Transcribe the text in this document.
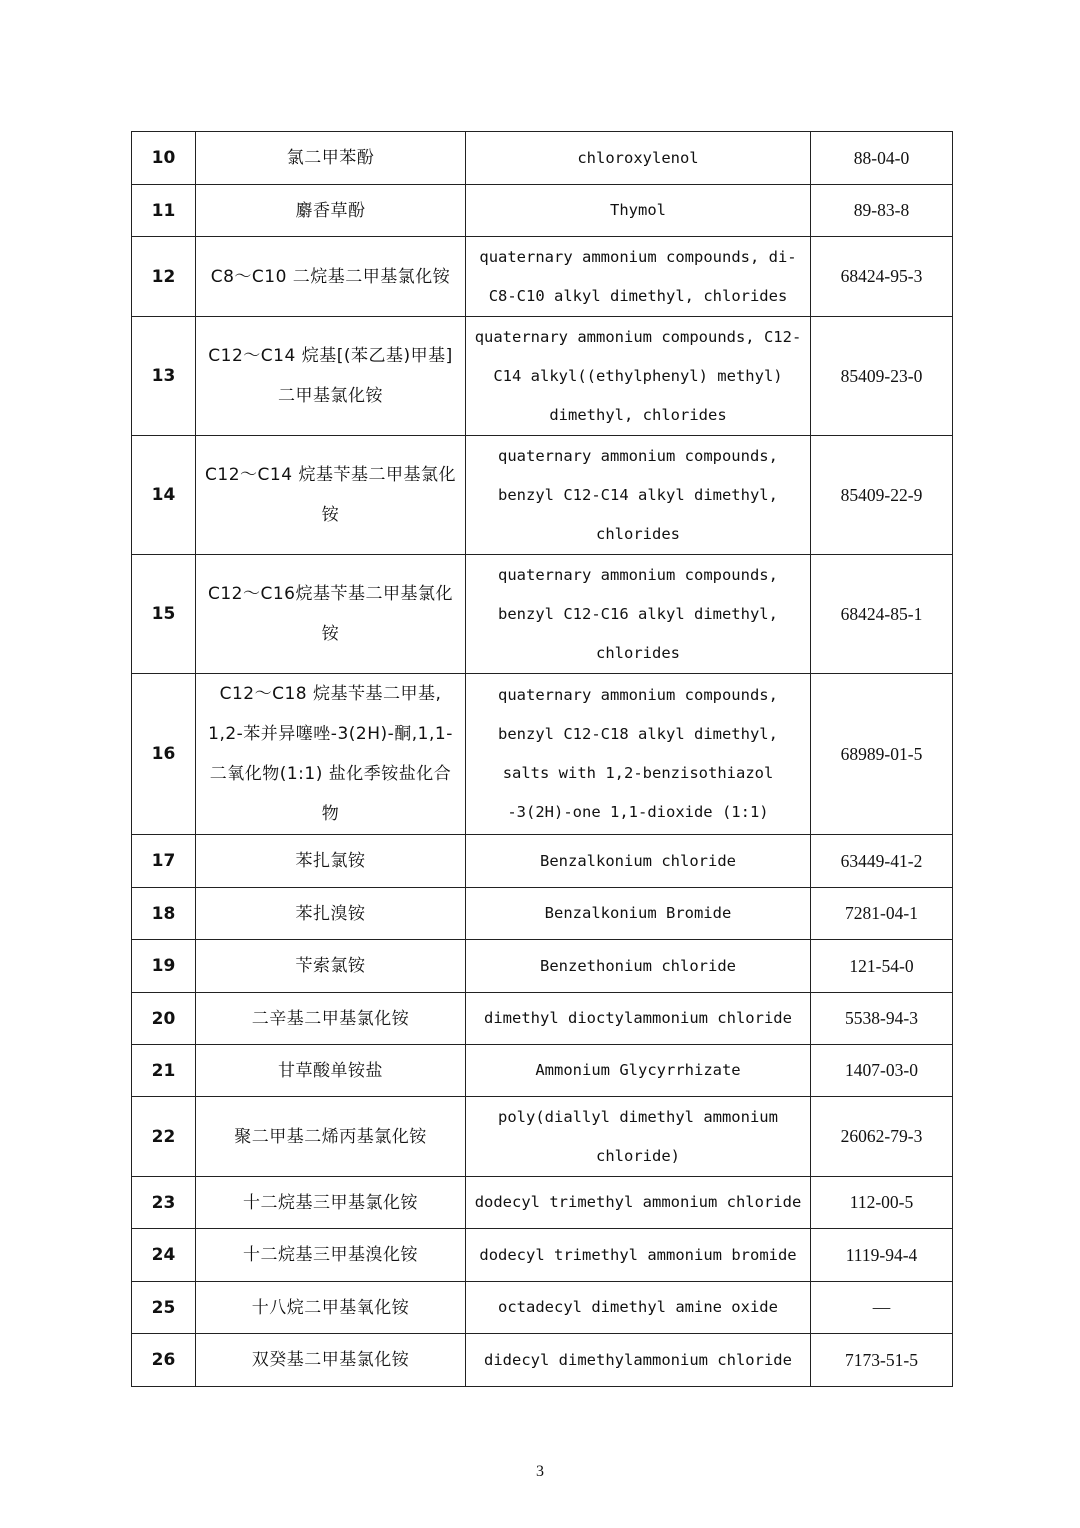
10	氯二甲苯酚	chloroxylenol	88-04-0
11	麝香草酚	Thymol	89-83-8
12	C8～C10 二烷基二甲基氯化铵	quaternary ammonium compounds, di-C8-C10 alkyl dimethyl, chlorides	68424-95-3
13	C12～C14 烷基[(苯乙基)甲基]二甲基氯化铵	quaternary ammonium compounds, C12-C14 alkyl((ethylphenyl) methyl) dimethyl, chlorides	85409-23-0
14	C12～C14 烷基苄基二甲基氯化铵	quaternary ammonium compounds, benzyl C12-C14 alkyl dimethyl, chlorides	85409-22-9
15	C12～C16烷基苄基二甲基氯化铵	quaternary ammonium compounds, benzyl C12-C16 alkyl dimethyl, chlorides	68424-85-1
16	C12～C18 烷基苄基二甲基, 1,2-苯并异噻唑-3(2H)-酮,1,1-二氧化物(1:1) 盐化季铵盐化合物	quaternary ammonium compounds, benzyl C12-C18 alkyl dimethyl, salts with 1,2-benzisothiazol -3(2H)-one 1,1-dioxide (1:1)	68989-01-5
17	苯扎氯铵	Benzalkonium chloride	63449-41-2
18	苯扎溴铵	Benzalkonium Bromide	7281-04-1
19	苄索氯铵	Benzethonium chloride	121-54-0
20	二辛基二甲基氯化铵	dimethyl dioctylammonium chloride	5538-94-3
21	甘草酸单铵盐	Ammonium Glycyrrhizate	1407-03-0
22	聚二甲基二烯丙基氯化铵	poly(diallyl dimethyl ammonium chloride)	26062-79-3
23	十二烷基三甲基氯化铵	dodecyl trimethyl ammonium chloride	112-00-5
24	十二烷基三甲基溴化铵	dodecyl trimethyl ammonium bromide	1119-94-4
25	十八烷二甲基氧化铵	octadecyl dimethyl amine oxide	—
26	双癸基二甲基氯化铵	didecyl dimethylammonium chloride	7173-51-5
3
